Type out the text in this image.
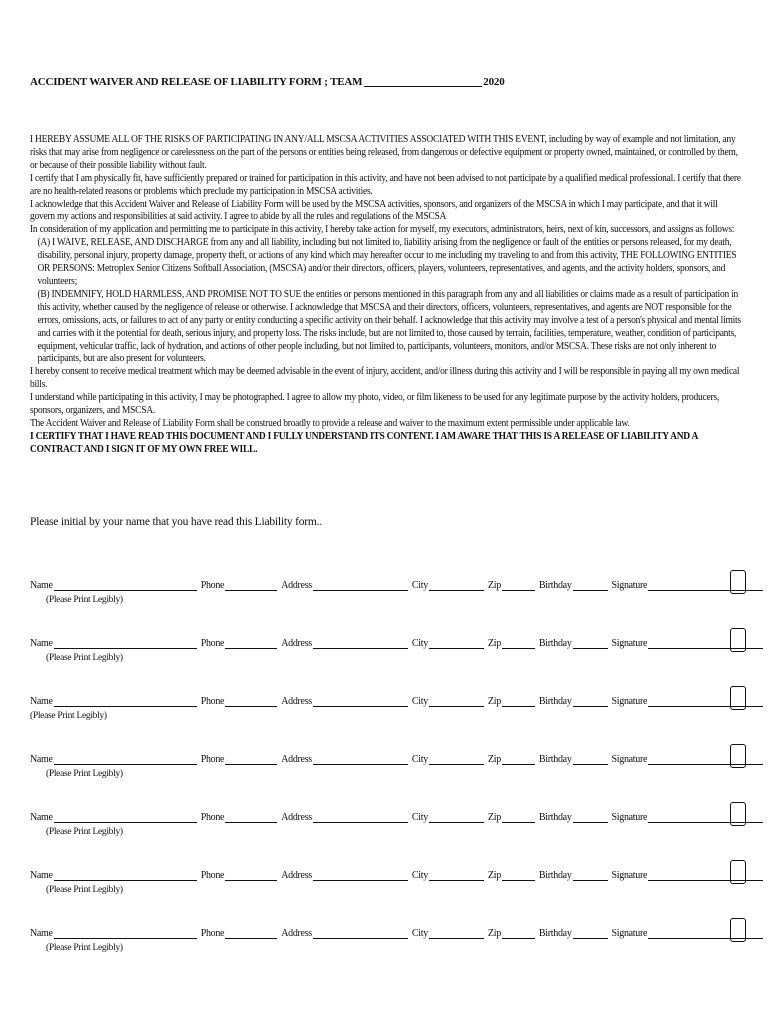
ACCIDENT WAIVER AND RELEASE OF LIABILITY FORM ; TEAM	2020

I HEREBY ASSUME ALL OF THE RISKS OF PARTICIPATING IN ANY/ALL MSCSA ACTIVITIES ASSOCIATED WITH THIS EVENT, including by way of example and not limitation, any risks that may arise from negligence or carelessness on the part of the persons or entities being released, from dangerous or defective equipment or property owned, maintained, or controlled by them, or because of their possible liability without fault.

I certify that I am physically fit, have sufficiently prepared or trained for participation in this activity, and have not been advised to not participate by a qualified medical professional. I certify that there are no health-related reasons or problems which preclude my participation in MSCSA activities.

I acknowledge that this Accident Waiver and Release of Liability Form will be used by the MSCSA activities, sponsors, and organizers of the MSCSA in which I may participate, and that it will govern my actions and responsibilities at said activity. I agree to abide by all the rules and regulations of the MSCSA

In consideration of my application and permitting me to participate in this activity, I hereby take action for myself, my executors, administrators, heirs, next of kin, successors, and assigns as follows:

(A) I WAIVE, RELEASE, AND DISCHARGE from any and all liability, including but not limited to, liability arising from the negligence or fault of the entities or persons released, for my death, disability, personal injury, property damage, property theft, or actions of any kind which may hereafter occur to me including my traveling to and from this activity, THE FOLLOWING ENTITIES OR PERSONS: Metroplex Senior Citizens Softball Association, (MSCSA) and/or their directors, officers, players, volunteers, representatives, and agents, and the activity holders, sponsors, and volunteers;

(B) INDEMNIFY, HOLD HARMLESS, AND PROMISE NOT TO SUE the entities or persons mentioned in this paragraph from any and all liabilities or claims made as a result of participation in this activity, whether caused by the negligence of release or otherwise. I acknowledge that MSCSA and their directors, officers, volunteers, representatives, and agents are NOT responsible for the errors, omissions, acts, or failures to act of any party or entity conducting a specific activity on their behalf. I acknowledge that this activity may involve a test of a person's physical and mental limits and carries with it the potential for death, serious injury, and property loss. The risks include, but are not limited to, those caused by terrain, facilities, temperature, weather, condition of participants, equipment, vehicular traffic, lack of hydration, and actions of other people including, but not limited to, participants, volunteers, monitors, and/or MSCSA. These risks are not only inherent to participants, but are also present for volunteers.

I hereby consent to receive medical treatment which may be deemed advisable in the event of injury, accident, and/or illness during this activity and I will be responsible in paying all my own medical bills.

I understand while participating in this activity, I may be photographed. I agree to allow my photo, video, or film likeness to be used for any legitimate purpose by the activity holders, producers, sponsors, organizers, and MSCSA.

The Accident Waiver and Release of Liability Form shall be construed broadly to provide a release and waiver to the maximum extent permissible under applicable law.

I CERTIFY THAT I HAVE READ THIS DOCUMENT AND I FULLY UNDERSTAND ITS CONTENT. I AM AWARE THAT THIS IS A RELEASE OF LIABILITY AND A CONTRACT AND I SIGN IT OF MY OWN FREE WILL.

Please initial by your name that you have read this Liability form..
Name	Phone	Address	City	Zip	Birthday	Signature
(Please Print Legibly)
Name	Phone	Address	City	Zip	Birthday	Signature
(Please Print Legibly)
Name	Phone	Address	City	Zip	Birthday	Signature
(Please Print Legibly)
Name	Phone	Address	City	Zip	Birthday	Signature
(Please Print Legibly)
Name	Phone	Address	City	Zip	Birthday	Signature
(Please Print Legibly)
Name	Phone	Address	City	Zip	Birthday	Signature
(Please Print Legibly)
Name	Phone	Address	City	Zip	Birthday	Signature
(Please Print Legibly)
